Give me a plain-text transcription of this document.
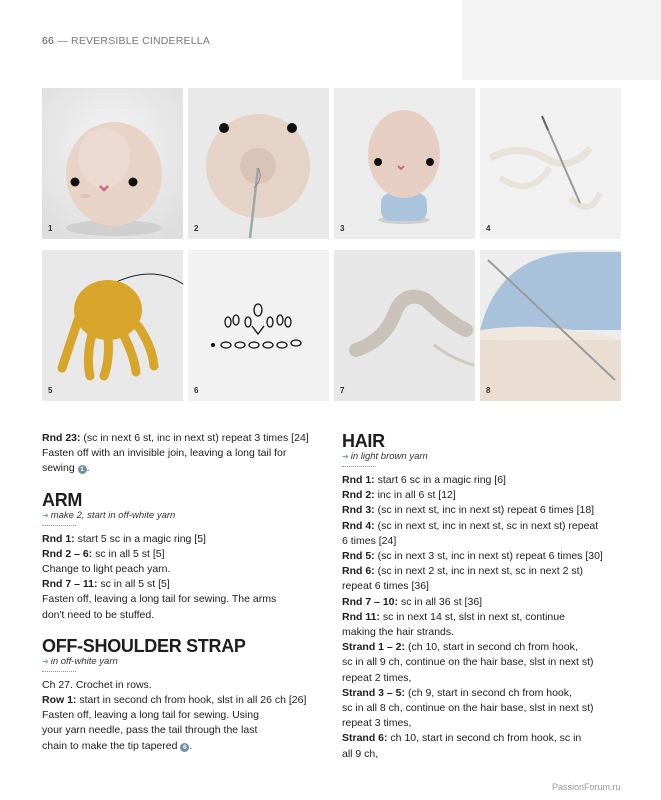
66 — REVERSIBLE CINDERELLA
1	2	3	4
5	6	7	8

Rnd 23: (sc in next 6 st, inc in next st) repeat 3 times [24]

Fasten off with an invisible join, leaving a long tail for

sewing 1 .

ARM

➜ make 2, start in off-white yarn

Rnd 1: start 5 sc in a magic ring [5]

Rnd 2 – 6: sc in all 5 st [5]

Change to light peach yarn.

Rnd 7 – 11: sc in all 5 st [5]

Fasten off, leaving a long tail for sewing. The arms

don't need to be stuffed.

OFF-SHOULDER STRAP

➜ in off-white yarn

Ch 27. Crochet in rows.

Row 1: start in second ch from hook, slst in all 26 ch [26]

Fasten off, leaving a long tail for sewing. Using

your yarn needle, pass the tail through the last

chain to make the tip tapered 6 .

HAIR

➜ in light brown yarn

Rnd 1: start 6 sc in a magic ring [6]

Rnd 2: inc in all 6 st [12]

Rnd 3: (sc in next st, inc in next st) repeat 6 times [18]

Rnd 4: (sc in next st, inc in next st, sc in next st) repeat

6 times [24]

Rnd 5: (sc in next 3 st, inc in next st) repeat 6 times [30]

Rnd 6: (sc in next 2 st, inc in next st, sc in next 2 st)

repeat 6 times [36]

Rnd 7 – 10: sc in all 36 st [36]

Rnd 11: sc in next 14 st, slst in next st, continue

making the hair strands.

Strand 1 – 2: (ch 10, start in second ch from hook,

sc in all 9 ch, continue on the hair base, slst in next st)

repeat 2 times,

Strand 3 – 5: (ch 9, start in second ch from hook,

sc in all 8 ch, continue on the hair base, slst in next st)

repeat 3 times,

Strand 6: ch 10, start in second ch from hook, sc in

all 9 ch,

PassionForum.ru
